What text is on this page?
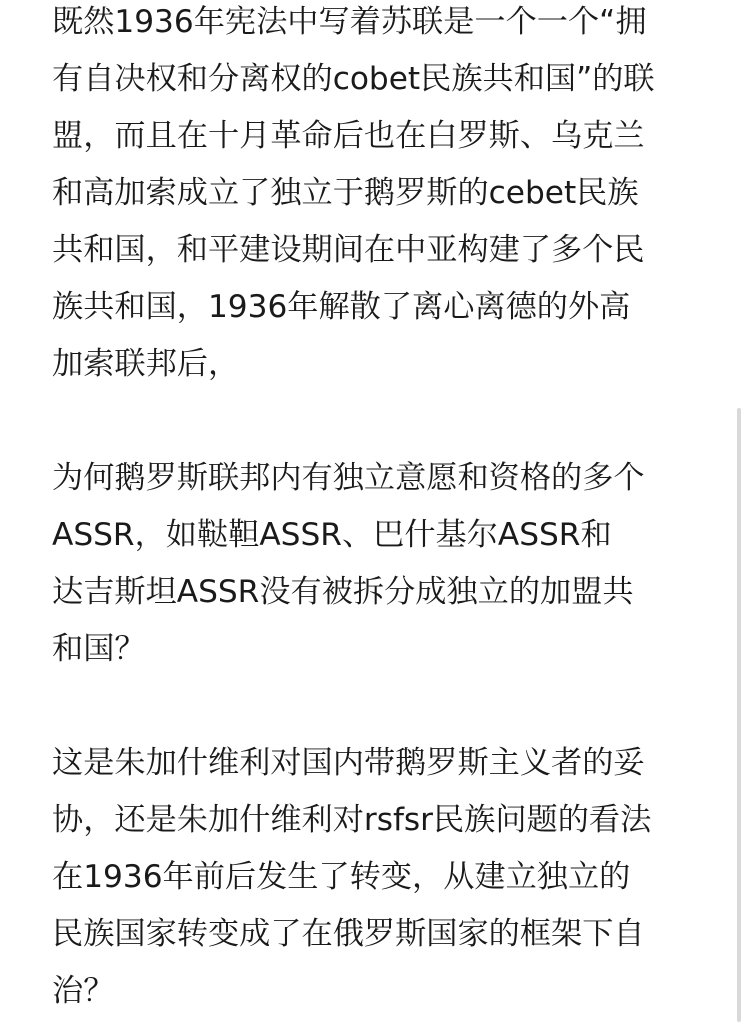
既然1936年宪法中写着苏联是一个一个“拥
有自决权和分离权的cobet民族共和国”的联
盟，而且在十月革命后也在白罗斯、乌克兰
和高加索成立了独立于鹅罗斯的cebet民族
共和国，和平建设期间在中亚构建了多个民
族共和国，1936年解散了离心离德的外高
加索联邦后，

为何鹅罗斯联邦内有独立意愿和资格的多个
ASSR，如鞑靼ASSR、巴什基尔ASSR和
达吉斯坦ASSR没有被拆分成独立的加盟共
和国？

这是朱加什维利对国内带鹅罗斯主义者的妥
协，还是朱加什维利对rsfsr民族问题的看法
在1936年前后发生了转变，从建立独立的
民族国家转变成了在俄罗斯国家的框架下自
治？
